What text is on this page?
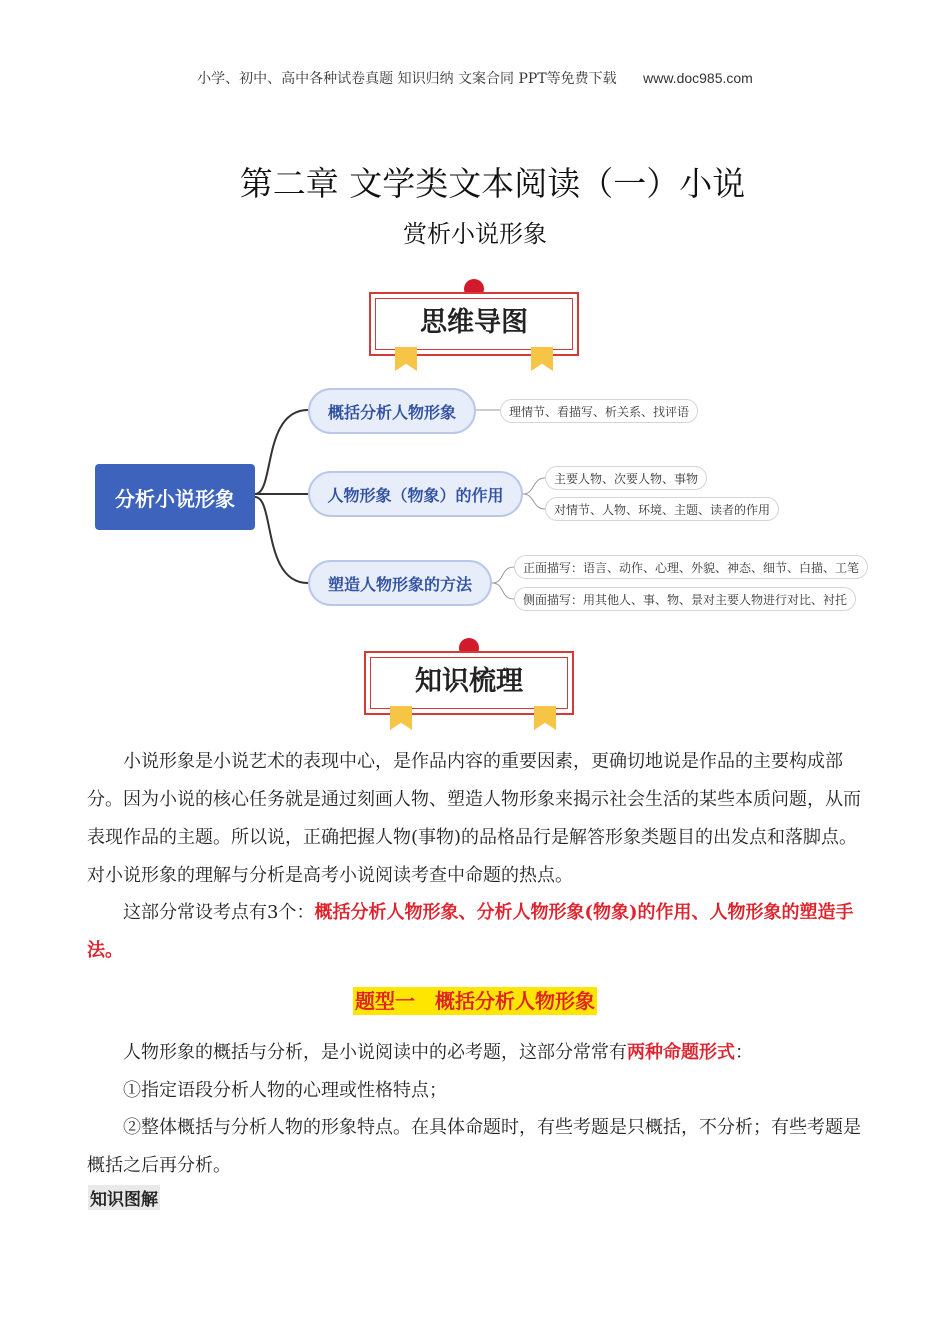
小学、初中、高中各种试卷真题 知识归纳 文案合同 PPT等免费下载 www.doc985.com
第二章 文学类文本阅读（一）小说
赏析小说形象
思维导图
分析小说形象
概括分析人物形象	理情节、看描写、析关系、找评语
人物形象（物象）的作用
主要人物、次要人物、事物
对情节、人物、环境、主题、读者的作用
塑造人物形象的方法
正面描写：语言、动作、心理、外貌、神态、细节、白描、工笔
侧面描写：用其他人、事、物、景对主要人物进行对比、衬托
知识梳理

小说形象是小说艺术的表现中心，是作品内容的重要因素，更确切地说是作品的主要构成部分。因为小说的核心任务就是通过刻画人物、塑造人物形象来揭示社会生活的某些本质问题，从而表现作品的主题。所以说，正确把握人物(事物)的品格品行是解答形象类题目的出发点和落脚点。对小说形象的理解与分析是高考小说阅读考查中命题的热点。

这部分常设考点有3个：概括分析人物形象、分析人物形象(物象)的作用、人物形象的塑造手法。

题型一　概括分析人物形象

人物形象的概括与分析，是小说阅读中的必考题，这部分常常有两种命题形式：

①指定语段分析人物的心理或性格特点；

②整体概括与分析人物的形象特点。在具体命题时，有些考题是只概括，不分析；有些考题是概括之后再分析。

知识图解
